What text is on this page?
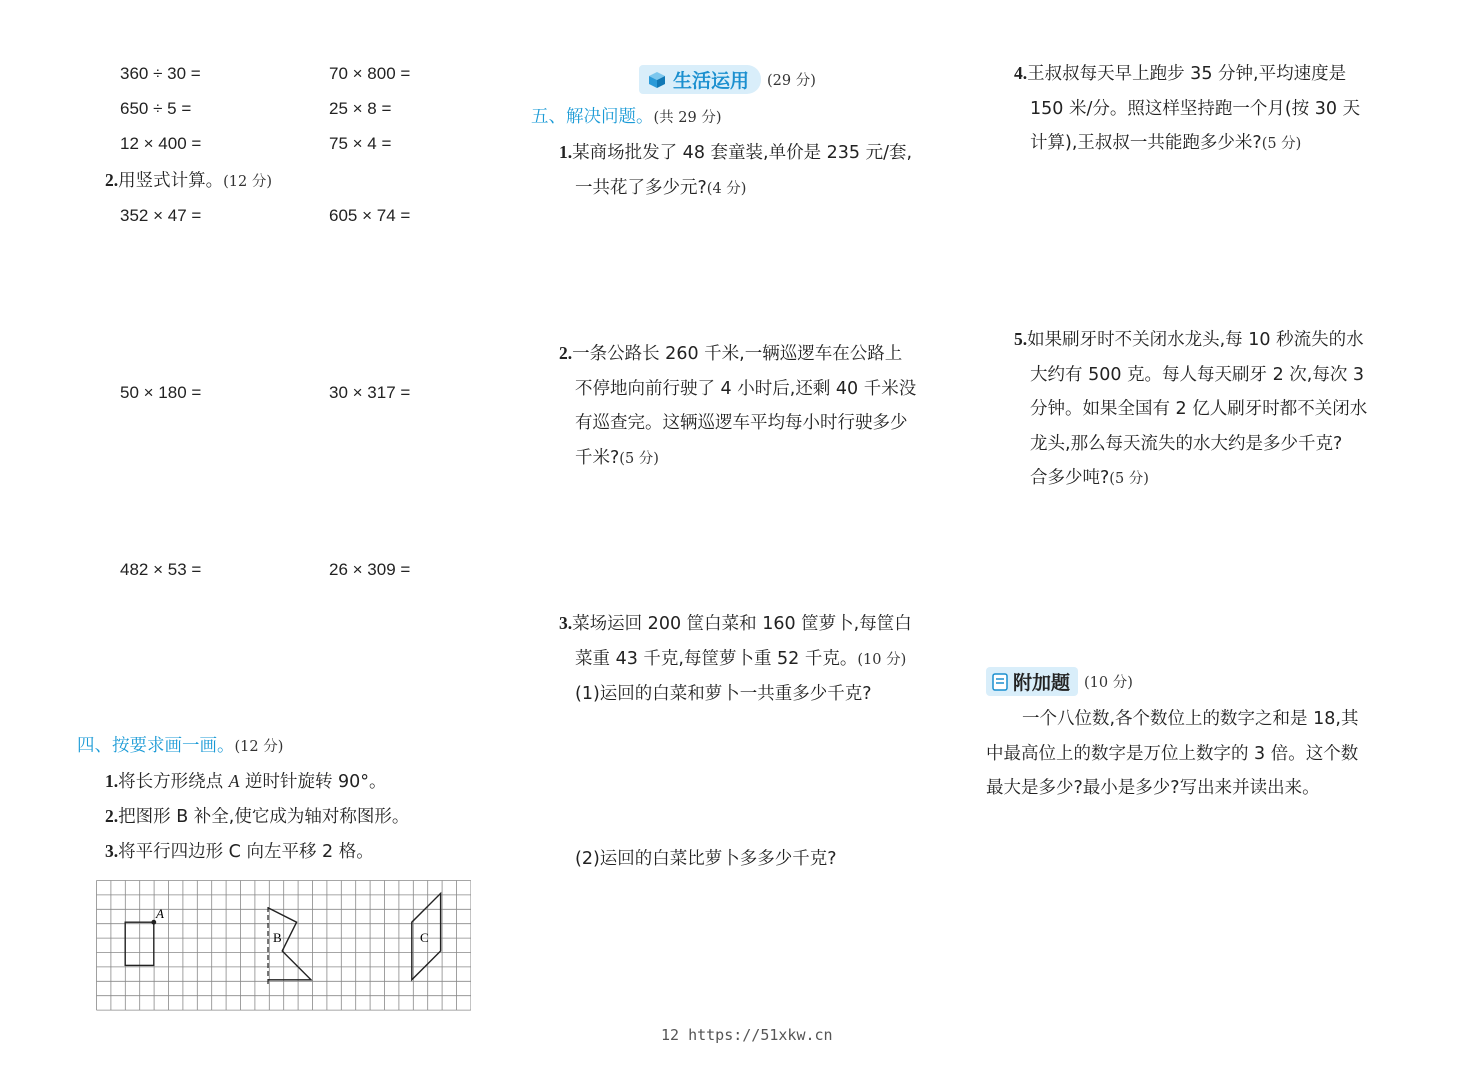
360 ÷ 30 =	70 × 800 =
650 ÷ 5 =	25 × 8 =
12 × 400 =	75 × 4 =
2.用竖式计算。(12 分)
352 × 47 =	605 × 74 =
50 × 180 =	30 × 317 =
482 × 53 =	26 × 309 =
四、按要求画一画。(12 分)
1.将长方形绕点 A 逆时针旋转 90°。
2.把图形 B 补全,使它成为轴对称图形。
3.将平行四边形 C 向左平移 2 格。
A
B	C
生活运用 (29 分)
五、解决问题。(共 29 分)

1.某商场批发了 48 套童装,单价是 235 元/套,

一共花了多少元?(4 分)

2.一条公路长 260 千米,一辆巡逻车在公路上

不停地向前行驶了 4 小时后,还剩 40 千米没

有巡查完。这辆巡逻车平均每小时行驶多少

千米?(5 分)

3.菜场运回 200 筐白菜和 160 筐萝卜,每筐白

菜重 43 千克,每筐萝卜重 52 千克。(10 分)

(1)运回的白菜和萝卜一共重多少千克?

(2)运回的白菜比萝卜多多少千克?

4.王叔叔每天早上跑步 35 分钟,平均速度是

150 米/分。照这样坚持跑一个月(按 30 天

计算),王叔叔一共能跑多少米?(5 分)

5.如果刷牙时不关闭水龙头,每 10 秒流失的水

大约有 500 克。每人每天刷牙 2 次,每次 3

分钟。如果全国有 2 亿人刷牙时都不关闭水

龙头,那么每天流失的水大约是多少千克?

合多少吨?(5 分)

附加题 (10 分)

一个八位数,各个数位上的数字之和是 18,其

中最高位上的数字是万位上数字的 3 倍。这个数

最大是多少?最小是多少?写出来并读出来。

12 https://51xkw.cn
